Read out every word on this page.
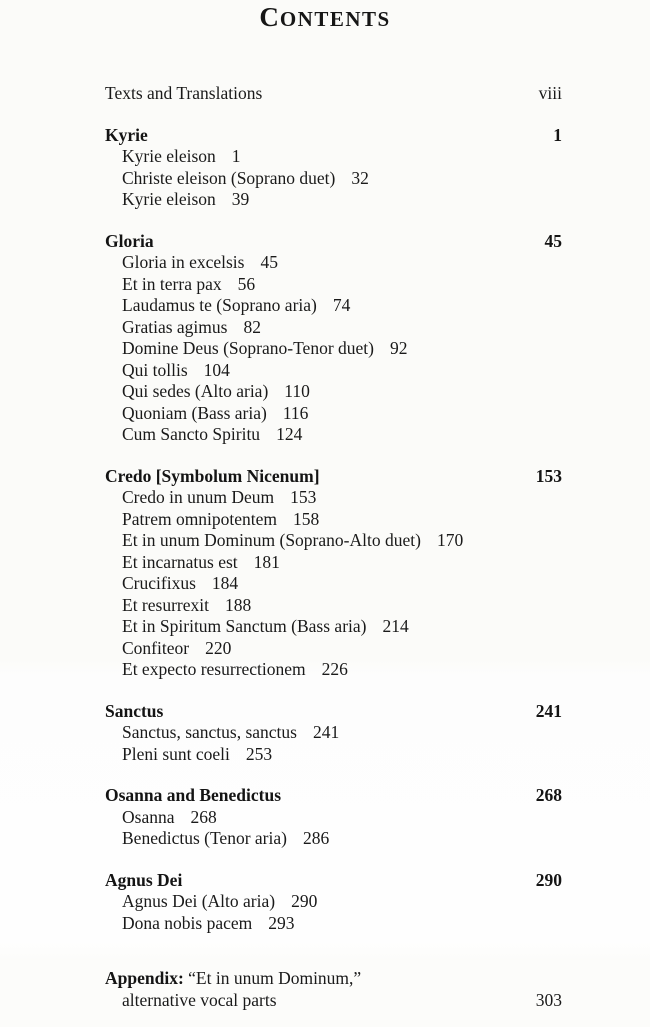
CONTENTS
Texts and Translations	viii
Kyrie	1
Kyrie eleison 1
Christe eleison (Soprano duet) 32
Kyrie eleison 39
Gloria	45
Gloria in excelsis 45
Et in terra pax 56
Laudamus te (Soprano aria) 74
Gratias agimus 82
Domine Deus (Soprano-Tenor duet) 92
Qui tollis 104
Qui sedes (Alto aria) 110
Quoniam (Bass aria) 116
Cum Sancto Spiritu 124
Credo [Symbolum Nicenum]	153
Credo in unum Deum 153
Patrem omnipotentem 158
Et in unum Dominum (Soprano-Alto duet) 170
Et incarnatus est 181
Crucifixus 184
Et resurrexit 188
Et in Spiritum Sanctum (Bass aria) 214
Confiteor 220
Et expecto resurrectionem 226
Sanctus	241
Sanctus, sanctus, sanctus 241
Pleni sunt coeli 253
Osanna and Benedictus	268
Osanna 268
Benedictus (Tenor aria) 286
Agnus Dei	290
Agnus Dei (Alto aria) 290
Dona nobis pacem 293
Appendix: “Et in unum Dominum,”
alternative vocal parts	303
